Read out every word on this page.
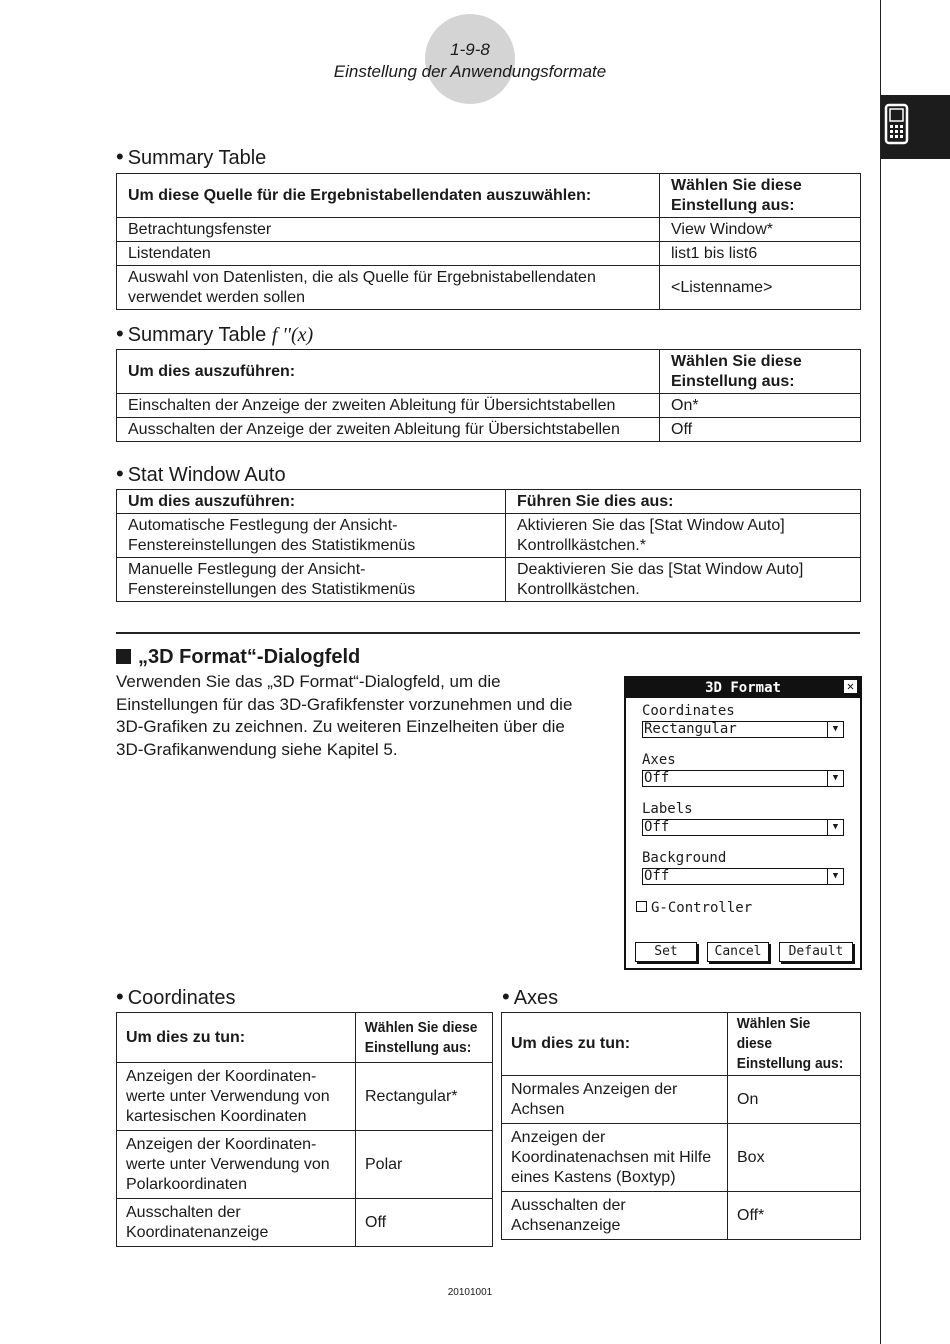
1-9-8
Einstellung der Anwendungsformate
• Summary Table
Um diese Quelle für die Ergebnistabellendaten auszuwählen:	Wählen Sie diese Einstellung aus:
Betrachtungsfenster	View Window*
Listendaten	list1 bis list6
Auswahl von Datenlisten, die als Quelle für Ergebnistabellendaten verwendet werden sollen	<Listenname>
• Summary Table f ''(x)
Um dies auszuführen:	Wählen Sie diese Einstellung aus:
Einschalten der Anzeige der zweiten Ableitung für Übersichtstabellen	On*
Ausschalten der Anzeige der zweiten Ableitung für Übersichtstabellen	Off
• Stat Window Auto
Um dies auszuführen:	Führen Sie dies aus:
Automatische Festlegung der Ansicht-Fenstereinstellungen des Statistikmenüs	Aktivieren Sie das [Stat Window Auto] Kontrollkästchen.*
Manuelle Festlegung der Ansicht-Fenstereinstellungen des Statistikmenüs	Deaktivieren Sie das [Stat Window Auto] Kontrollkästchen.
„3D Format“-Dialogfeld
Verwenden Sie das „3D Format“-Dialogfeld, um die Einstellungen für das 3D-Grafikfenster vorzunehmen und die 3D-Grafiken zu zeichnen. Zu weiteren Einzelheiten über die 3D-Grafikanwendung siehe Kapitel 5.
3D Format	✕
Coordinates
Rectangular	▼
Axes
Off	▼
Labels
Off	▼
Background
Off	▼
G-Controller
Set	Cancel	Default
• Coordinates
Um dies zu tun:	Wählen Sie diese Einstellung aus:
Anzeigen der Koordinaten-werte unter Verwendung von kartesischen Koordinaten	Rectangular*
Anzeigen der Koordinaten-werte unter Verwendung von Polarkoordinaten	Polar
Ausschalten der Koordinatenanzeige	Off
• Axes
Um dies zu tun:	Wählen Sie diese Einstellung aus:
Normales Anzeigen der Achsen	On
Anzeigen der Koordinatenachsen mit Hilfe eines Kastens (Boxtyp)	Box
Ausschalten der Achsenanzeige	Off*
20101001
